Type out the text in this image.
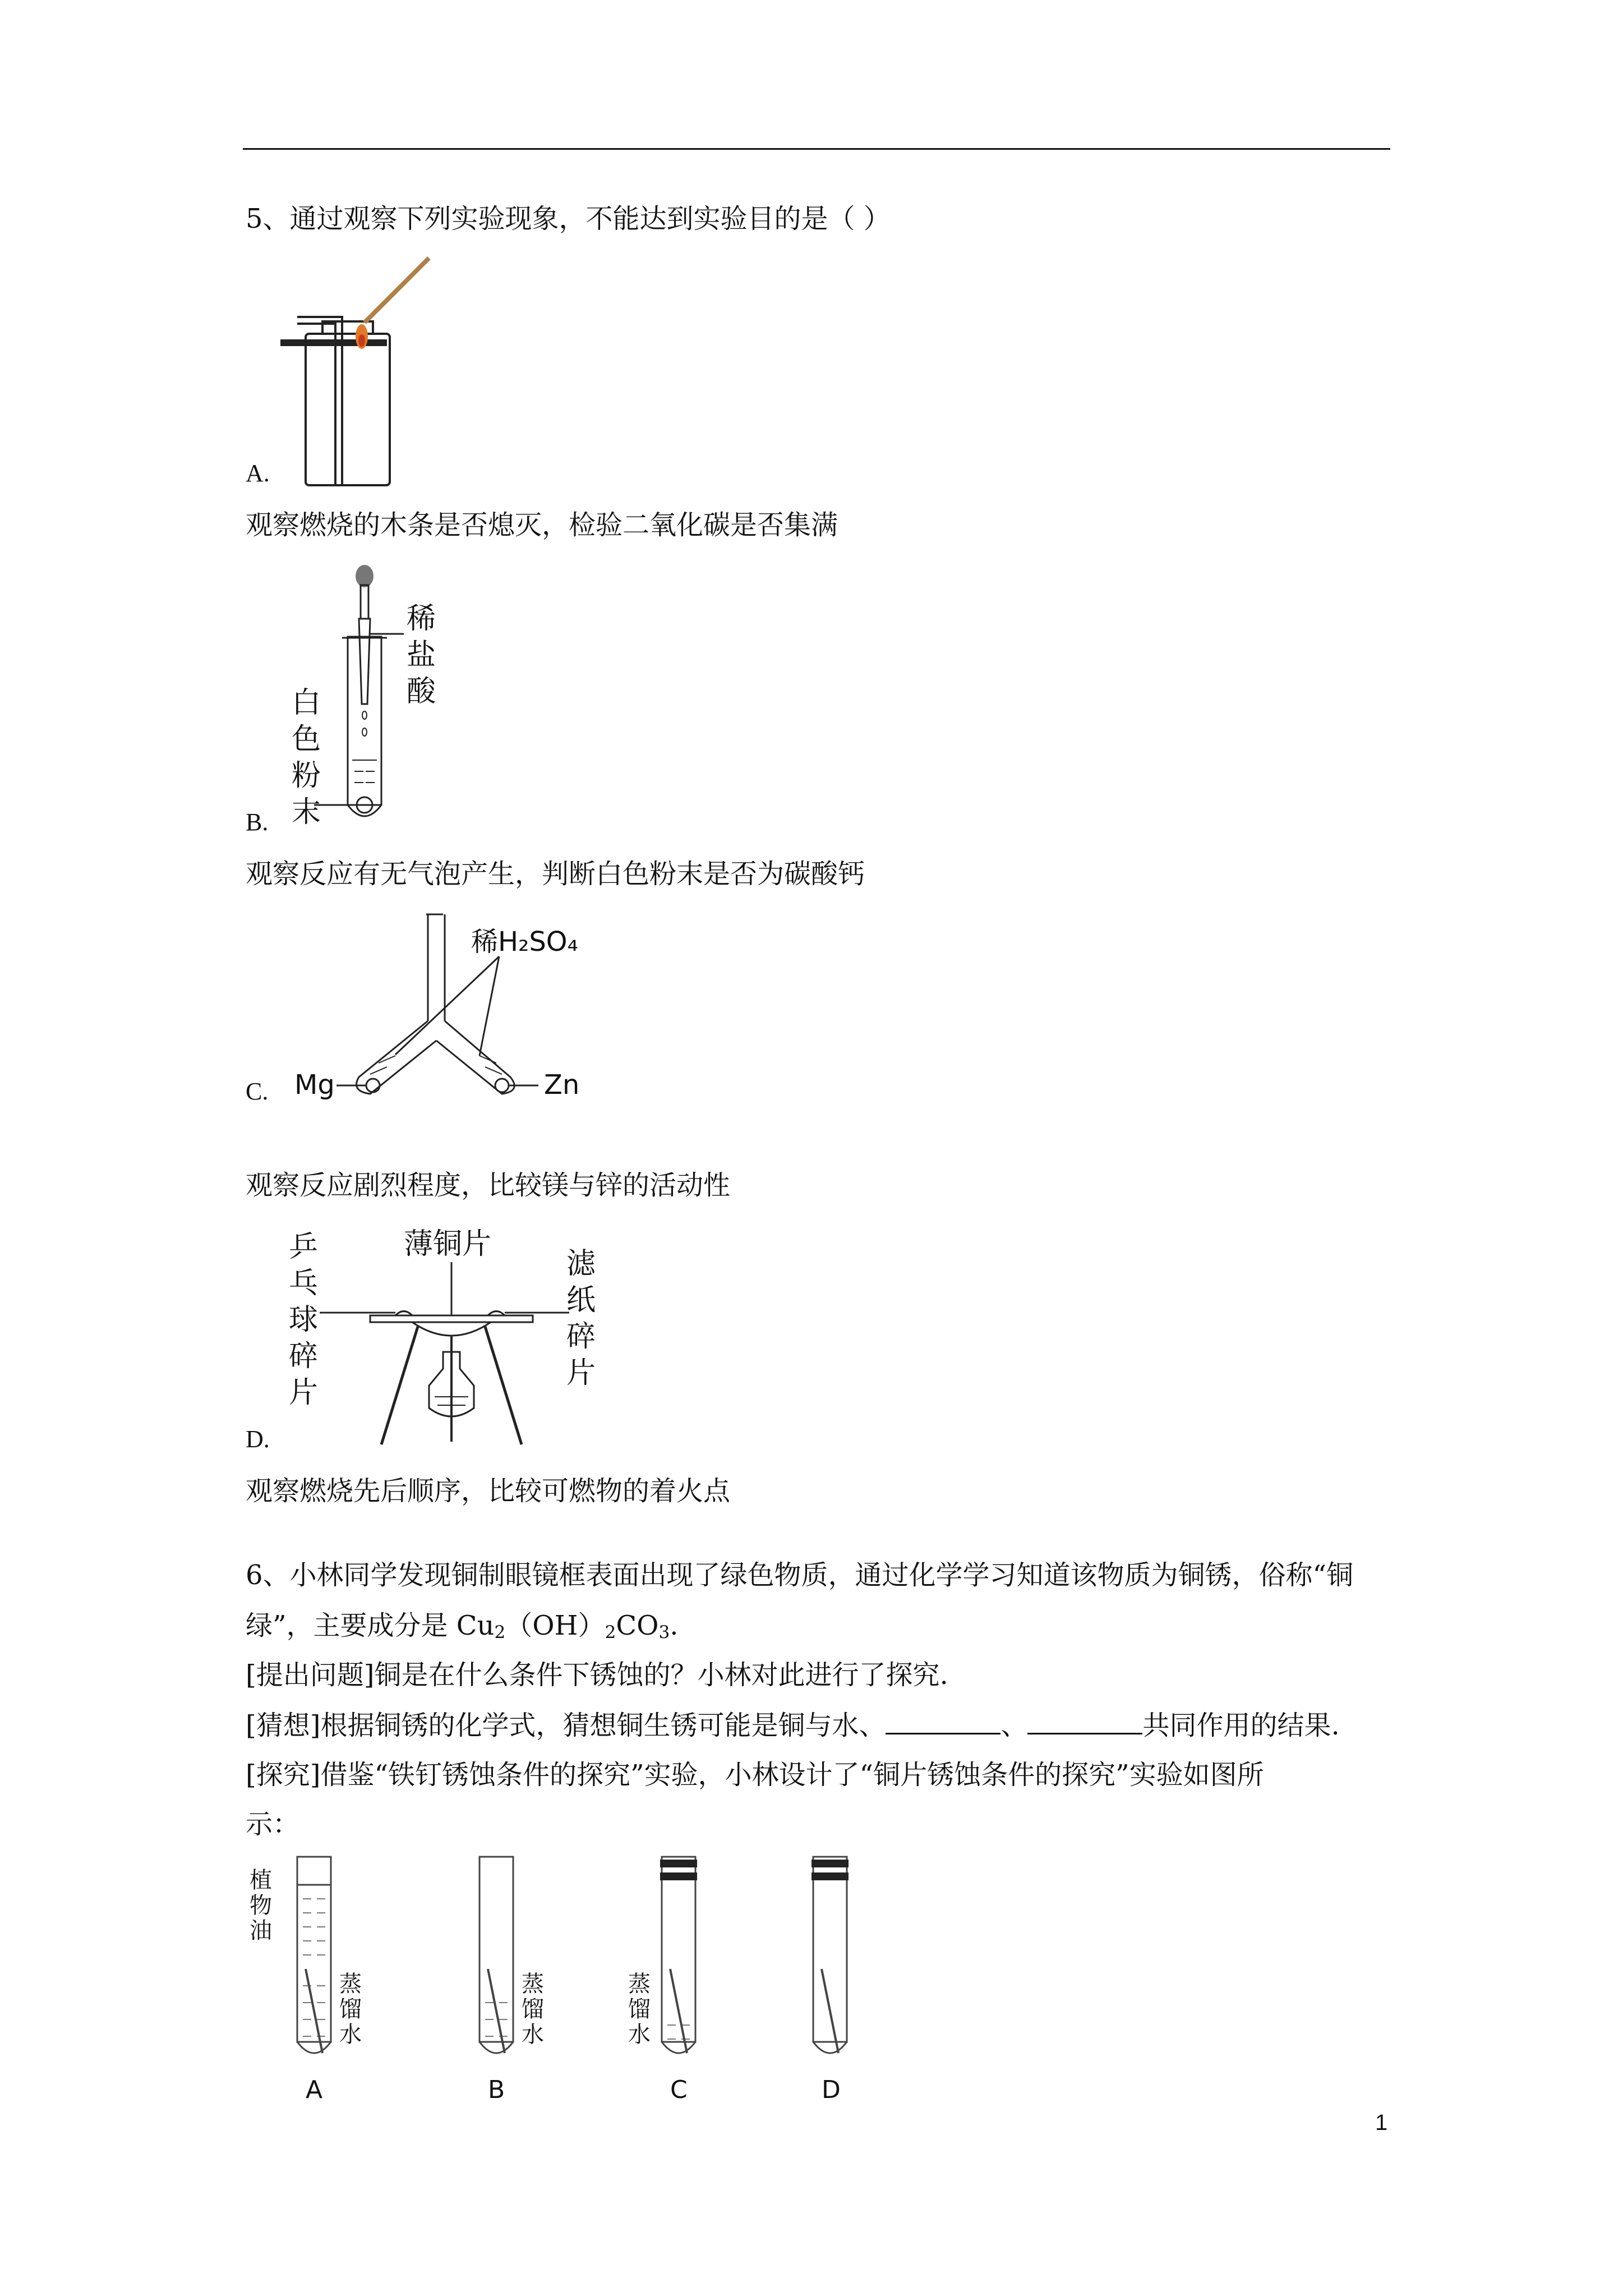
5、通过观察下列实验现象，不能达到实验目的是（ ）
A.
观察燃烧的木条是否熄灭，检验二氧化碳是否集满
稀
盐
酸
白
色
粉
末
B.
观察反应有无气泡产生，判断白色粉末是否为碳酸钙
稀H₂SO₄
Mg	Zn
C.
观察反应剧烈程度，比较镁与锌的活动性
薄铜片
乒
乓
球
碎
片
滤
纸
碎
片
D.
观察燃烧先后顺序，比较可燃物的着火点
6、小林同学发现铜制眼镜框表面出现了绿色物质，通过化学学习知道该物质为铜锈，俗称“铜
绿”，主要成分是 $Cu_2(OH)_2CO_3$.
[提出问题]铜是在什么条件下锈蚀的？小林对此进行了探究.
[猜想]根据铜锈的化学式，猜想铜生锈可能是铜与水、	、	共同作用的结果.
[探究]借鉴“铁钉锈蚀条件的探究”实验，小林设计了“铜片锈蚀条件的探究”实验如图所
示：
植
物
油
蒸
馏
水
A
蒸
馏
水
B
蒸
馏
水
C	D
1
